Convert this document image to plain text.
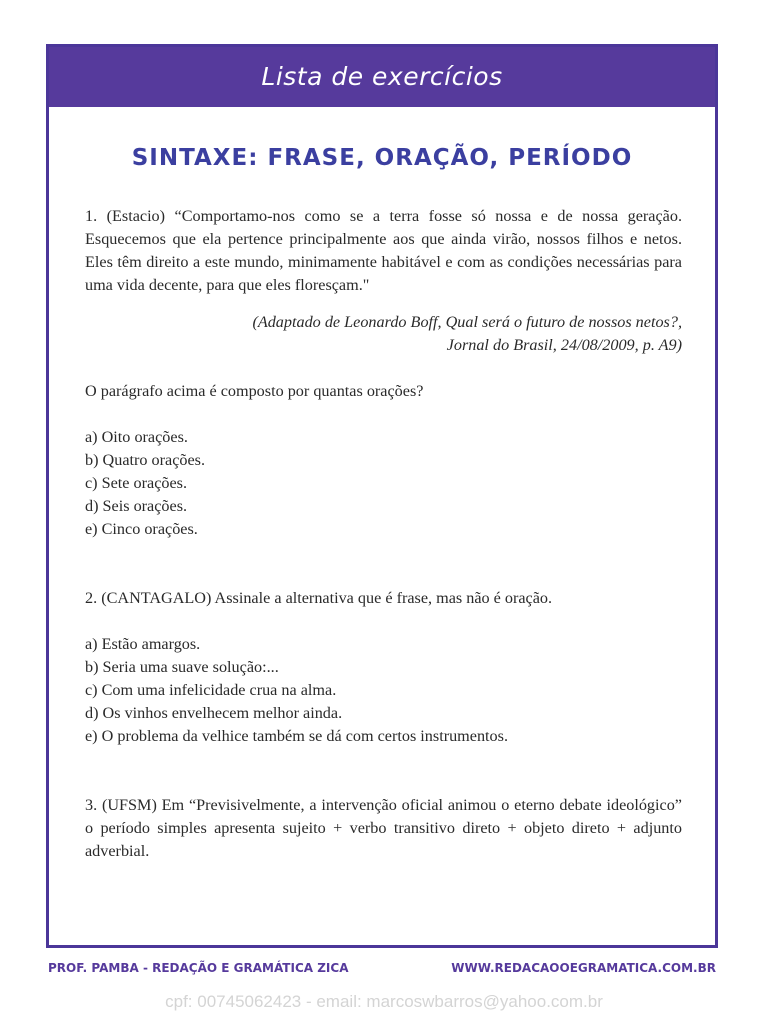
Lista de exercícios
SINTAXE: FRASE, ORAÇÃO, PERÍODO

1. (Estacio) “Comportamo-nos como se a terra fosse só nossa e de nossa geração. Esquecemos que ela pertence principalmente aos que ainda virão, nossos filhos e netos. Eles têm direito a este mundo, minimamente habitável e com as condições necessárias para uma vida decente, para que eles floresçam."

(Adaptado de Leonardo Boff, Qual será o futuro de nossos netos?,

Jornal do Brasil, 24/08/2009, p. A9)

O parágrafo acima é composto por quantas orações?

a) Oito orações.

b) Quatro orações.

c) Sete orações.

d) Seis orações.

e) Cinco orações.

2. (CANTAGALO) Assinale a alternativa que é frase, mas não é oração.

a) Estão amargos.

b) Seria uma suave solução:...

c) Com uma infelicidade crua na alma.

d) Os vinhos envelhecem melhor ainda.

e) O problema da velhice também se dá com certos instrumentos.

3. (UFSM) Em “Previsivelmente, a intervenção oficial animou o eterno debate ideológico” o período simples apresenta sujeito + verbo transitivo direto + objeto direto + adjunto adverbial.

PROF. PAMBA - REDAÇÃO E GRAMÁTICA ZICA	WWW.REDACAOOEGRAMATICA.COM.BR
cpf: 00745062423 - email: marcoswbarros@yahoo.com.br
